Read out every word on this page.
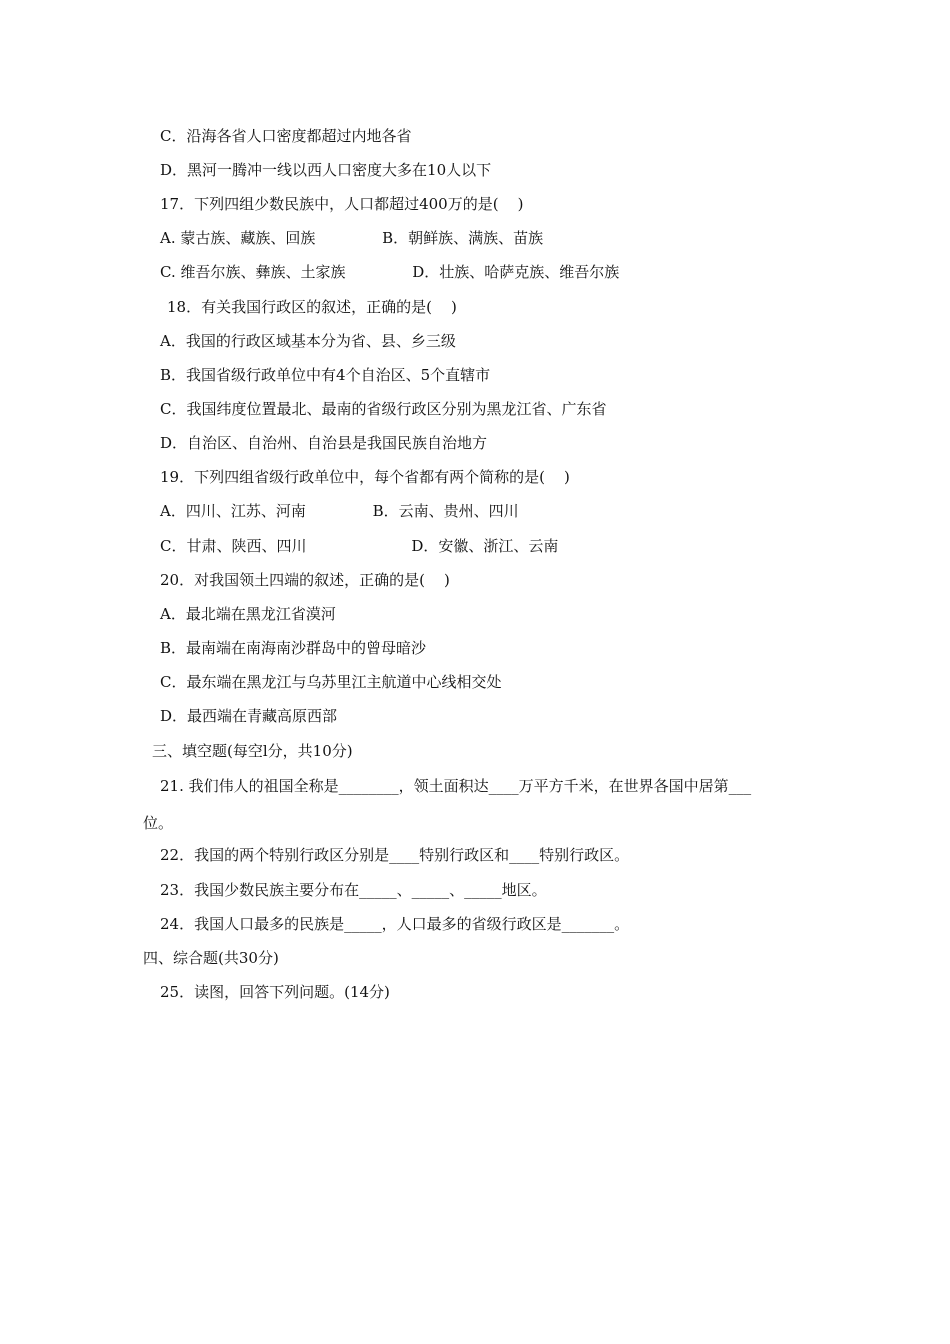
C．沿海各省人口密度都超过内地各省
D．黑河一腾冲一线以西人口密度大多在10人以下
17．下列四组少数民族中，人口都超过400万的是(    )
A. 蒙古族、藏族、回族              B．朝鲜族、满族、苗族
C. 维吾尔族、彝族、土家族              D．壮族、哈萨克族、维吾尔族
18．有关我国行政区的叙述，正确的是(    )
A．我国的行政区域基本分为省、县、乡三级
B．我国省级行政单位中有4个自治区、5个直辖市
C．我国纬度位置最北、最南的省级行政区分别为黑龙江省、广东省
D．自治区、自治州、自治县是我国民族自治地方
19．下列四组省级行政单位中，每个省都有两个简称的是(    )
A．四川、江苏、河南              B．云南、贵州、四川
C．甘肃、陕西、四川                      D．安徽、浙江、云南
20．对我国领土四端的叙述，正确的是(    )
A．最北端在黑龙江省漠河
B．最南端在南海南沙群岛中的曾母暗沙
C．最东端在黑龙江与乌苏里江主航道中心线相交处
D．最西端在青藏高原西部
三、填空题(每空l分，共10分)
21. 我们伟人的祖国全称是________，领土面积达____万平方千米，在世界各国中居第___
位。
22．我国的两个特别行政区分别是____特别行政区和____特别行政区。
23．我国少数民族主要分布在_____、_____、_____地区。
24．我国人口最多的民族是_____，人口最多的省级行政区是_______。
四、综合题(共30分)
25．读图，回答下列问题。(14分)
